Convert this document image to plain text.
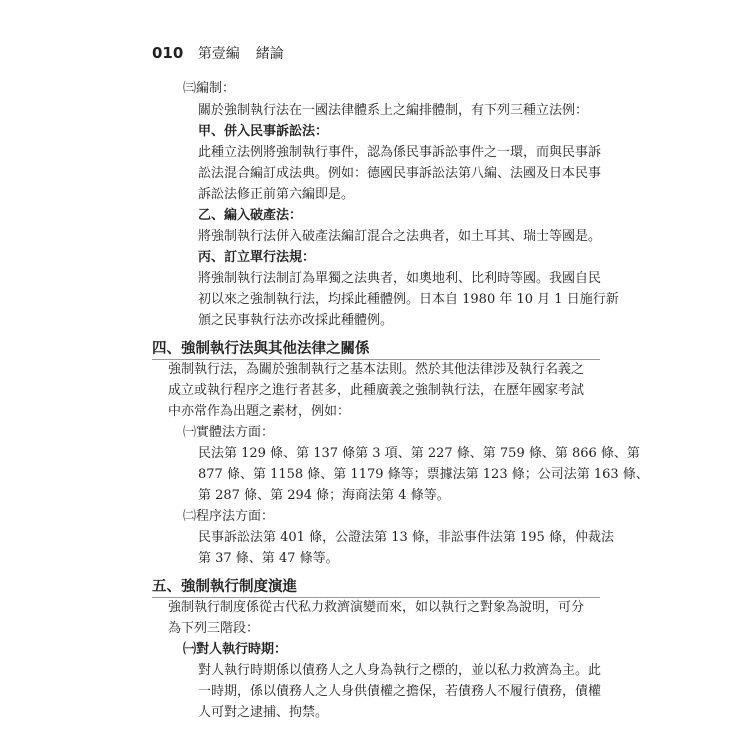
010 第壹編 緒論
㈢編制：
關於強制執行法在一國法律體系上之編排體制，有下列三種立法例：
甲、併入民事訴訟法：
此種立法例將強制執行事件，認為係民事訴訟事件之一環，而與民事訴
訟法混合編訂成法典。例如：德國民事訴訟法第八編、法國及日本民事
訴訟法修正前第六編即是。
乙、編入破產法：
將強制執行法併入破產法編訂混合之法典者，如土耳其、瑞士等國是。
丙、訂立單行法規：
將強制執行法制訂為單獨之法典者，如奧地利、比利時等國。我國自民
初以來之強制執行法，均採此種體例。日本自 1980 年 10 月 1 日施行新
頒之民事執行法亦改採此種體例。
四、強制執行法與其他法律之關係
強制執行法，為關於強制執行之基本法則。然於其他法律涉及執行名義之
成立或執行程序之進行者甚多，此種廣義之強制執行法，在歷年國家考試
中亦常作為出題之素材，例如：
㈠實體法方面：
民法第 129 條、第 137 條第 3 項、第 227 條、第 759 條、第 866 條、第
877 條、第 1158 條、第 1179 條等；票據法第 123 條；公司法第 163 條、
第 287 條、第 294 條；海商法第 4 條等。
㈡程序法方面：
民事訴訟法第 401 條，公證法第 13 條，非訟事件法第 195 條，仲裁法
第 37 條、第 47 條等。
五、強制執行制度演進
強制執行制度係從古代私力救濟演變而來，如以執行之對象為說明，可分
為下列三階段：
㈠對人執行時期：
對人執行時期係以債務人之人身為執行之標的，並以私力救濟為主。此
一時期，係以債務人之人身供債權之擔保，若債務人不履行債務，債權
人可對之逮捕、拘禁。
